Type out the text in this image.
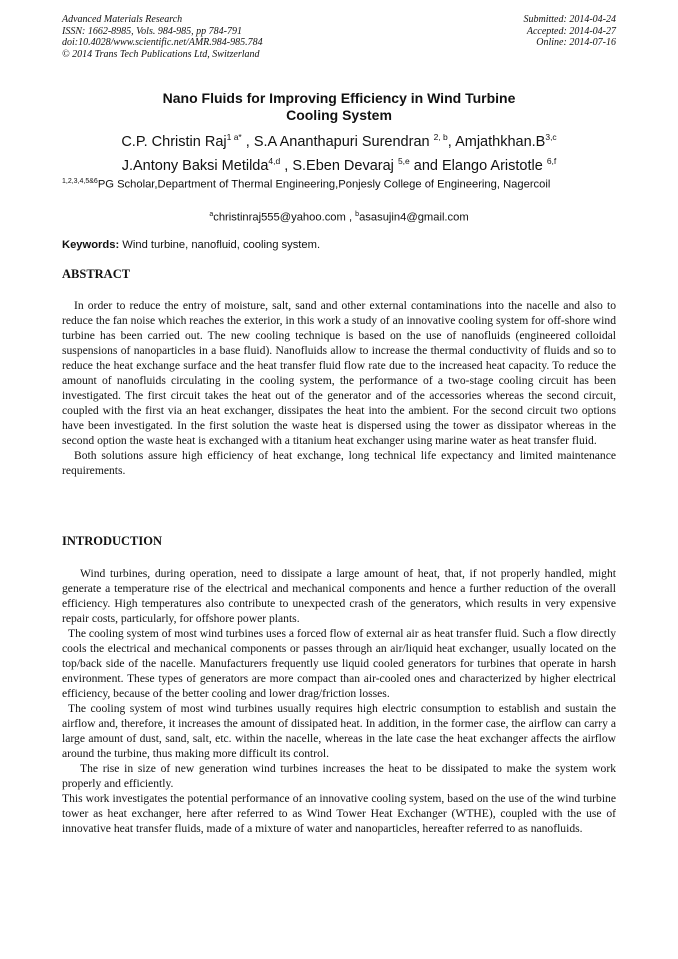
Advanced Materials Research
ISSN: 1662-8985, Vols. 984-985, pp 784-791
doi:10.4028/www.scientific.net/AMR.984-985.784
© 2014 Trans Tech Publications Ltd, Switzerland
Submitted: 2014-04-24
Accepted: 2014-04-27
Online: 2014-07-16
Nano Fluids for Improving Efficiency in Wind Turbine
Cooling System
C.P. Christin Raj$^{1 a*}$ , S.A Ananthapuri Surendran $^{2, b}$, $Amjathkhan.B^{3,c}$
J.Antony Baksi Metilda$^{4,d}$ , S.Eben Devaraj $^{5,e}$ and Elango Aristotle $^{6,f}$
$^{1,2,3,4,5\&6}$PG Scholar,Department of Thermal Engineering,Ponjesly College of Engineering, Nagercoil
$^a$christinraj555@yahoo.com , $^b$asasujin4@gmail.com
Keywords: Wind turbine, nanofluid, cooling system.
ABSTRACT

In order to reduce the entry of moisture, salt, sand and other external contaminations into the nacelle and also to reduce the fan noise which reaches the exterior, in this work a study of an innovative cooling system for off-shore wind turbine has been carried out. The new cooling technique is based on the use of nanofluids (engineered colloidal suspensions of nanoparticles in a base fluid). Nanofluids allow to increase the thermal conductivity of fluids and so to reduce the heat exchange surface and the heat transfer fluid flow rate due to the increased heat capacity. To reduce the amount of nanofluids circulating in the cooling system, the performance of a two-stage cooling circuit has been investigated. The first circuit takes the heat out of the generator and of the accessories whereas the second circuit, coupled with the first via an heat exchanger, dissipates the heat into the ambient. For the second circuit two options have been investigated. In the first solution the waste heat is dispersed using the tower as dissipator whereas in the second option the waste heat is exchanged with a titanium heat exchanger using marine water as heat transfer fluid.

Both solutions assure high efficiency of heat exchange, long technical life expectancy and limited maintenance requirements.

INTRODUCTION

Wind turbines, during operation, need to dissipate a large amount of heat, that, if not properly handled, might generate a temperature rise of the electrical and mechanical components and hence a further reduction of the overall efficiency. High temperatures also contribute to unexpected crash of the generators, which results in very expensive repair costs, particularly, for offshore power plants.

The cooling system of most wind turbines uses a forced flow of external air as heat transfer fluid. Such a flow directly cools the electrical and mechanical components or passes through an air/liquid heat exchanger, usually located on the top/back side of the nacelle. Manufacturers frequently use liquid cooled generators for turbines that operate in harsh environment. These types of generators are more compact than air-cooled ones and characterized by higher electrical efficiency, because of the better cooling and lower drag/friction losses.

The cooling system of most wind turbines usually requires high electric consumption to establish and sustain the airflow and, therefore, it increases the amount of dissipated heat. In addition, in the former case, the airflow can carry a large amount of dust, sand, salt, etc. within the nacelle, whereas in the late case the heat exchanger affects the airflow around the turbine, thus making more difficult its control.

The rise in size of new generation wind turbines increases the heat to be dissipated to make the system work properly and efficiently.

This work investigates the potential performance of an innovative cooling system, based on the use of the wind turbine tower as heat exchanger, here after referred to as Wind Tower Heat Exchanger (WTHE), coupled with the use of innovative heat transfer fluids, made of a mixture of water and nanoparticles, hereafter referred to as nanofluids.
